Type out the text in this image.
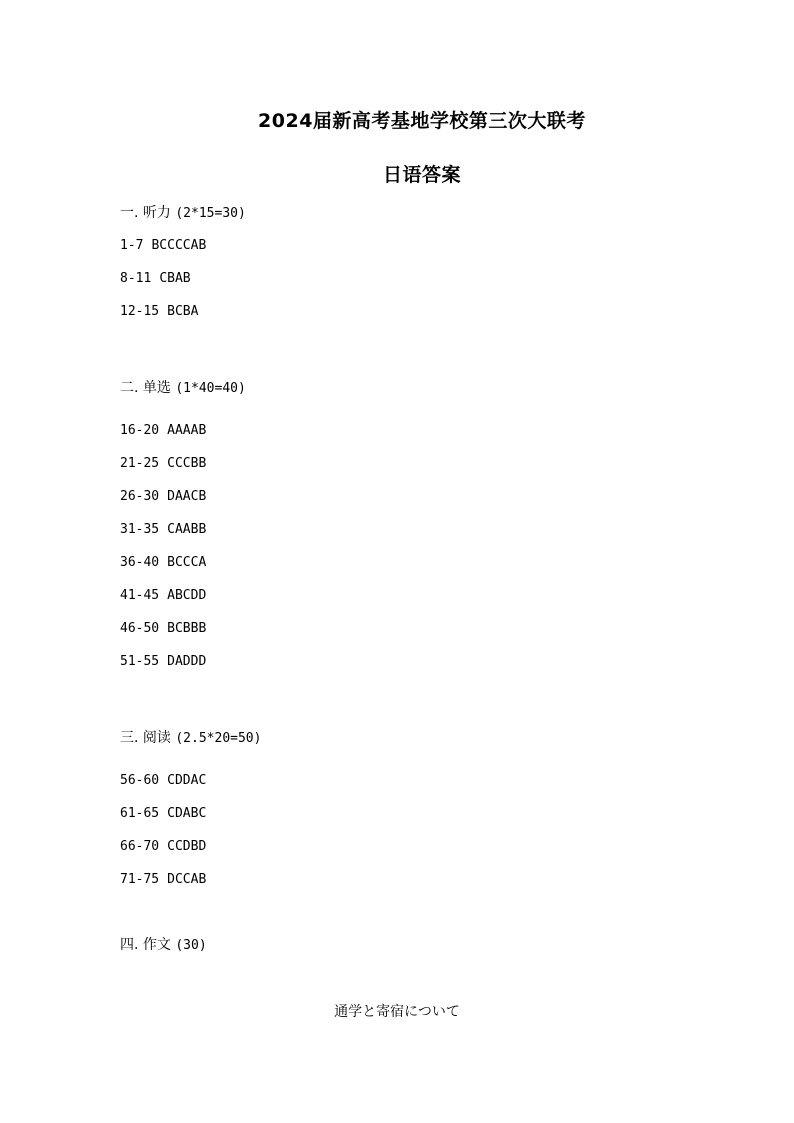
2024届新高考基地学校第三次大联考
日语答案
一. 听力 (2*15=30)
1-7 BCCCCAB
8-11 CBAB
12-15 BCBA
二. 单选 (1*40=40)
16-20 AAAAB
21-25 CCCBB
26-30 DAACB
31-35 CAABB
36-40 BCCCA
41-45 ABCDD
46-50 BCBBB
51-55 DADDD
三. 阅读 (2.5*20=50)
56-60 CDDAC
61-65 CDABC
66-70 CCDBD
71-75 DCCAB
四. 作文 (30)
通学と寄宿について
